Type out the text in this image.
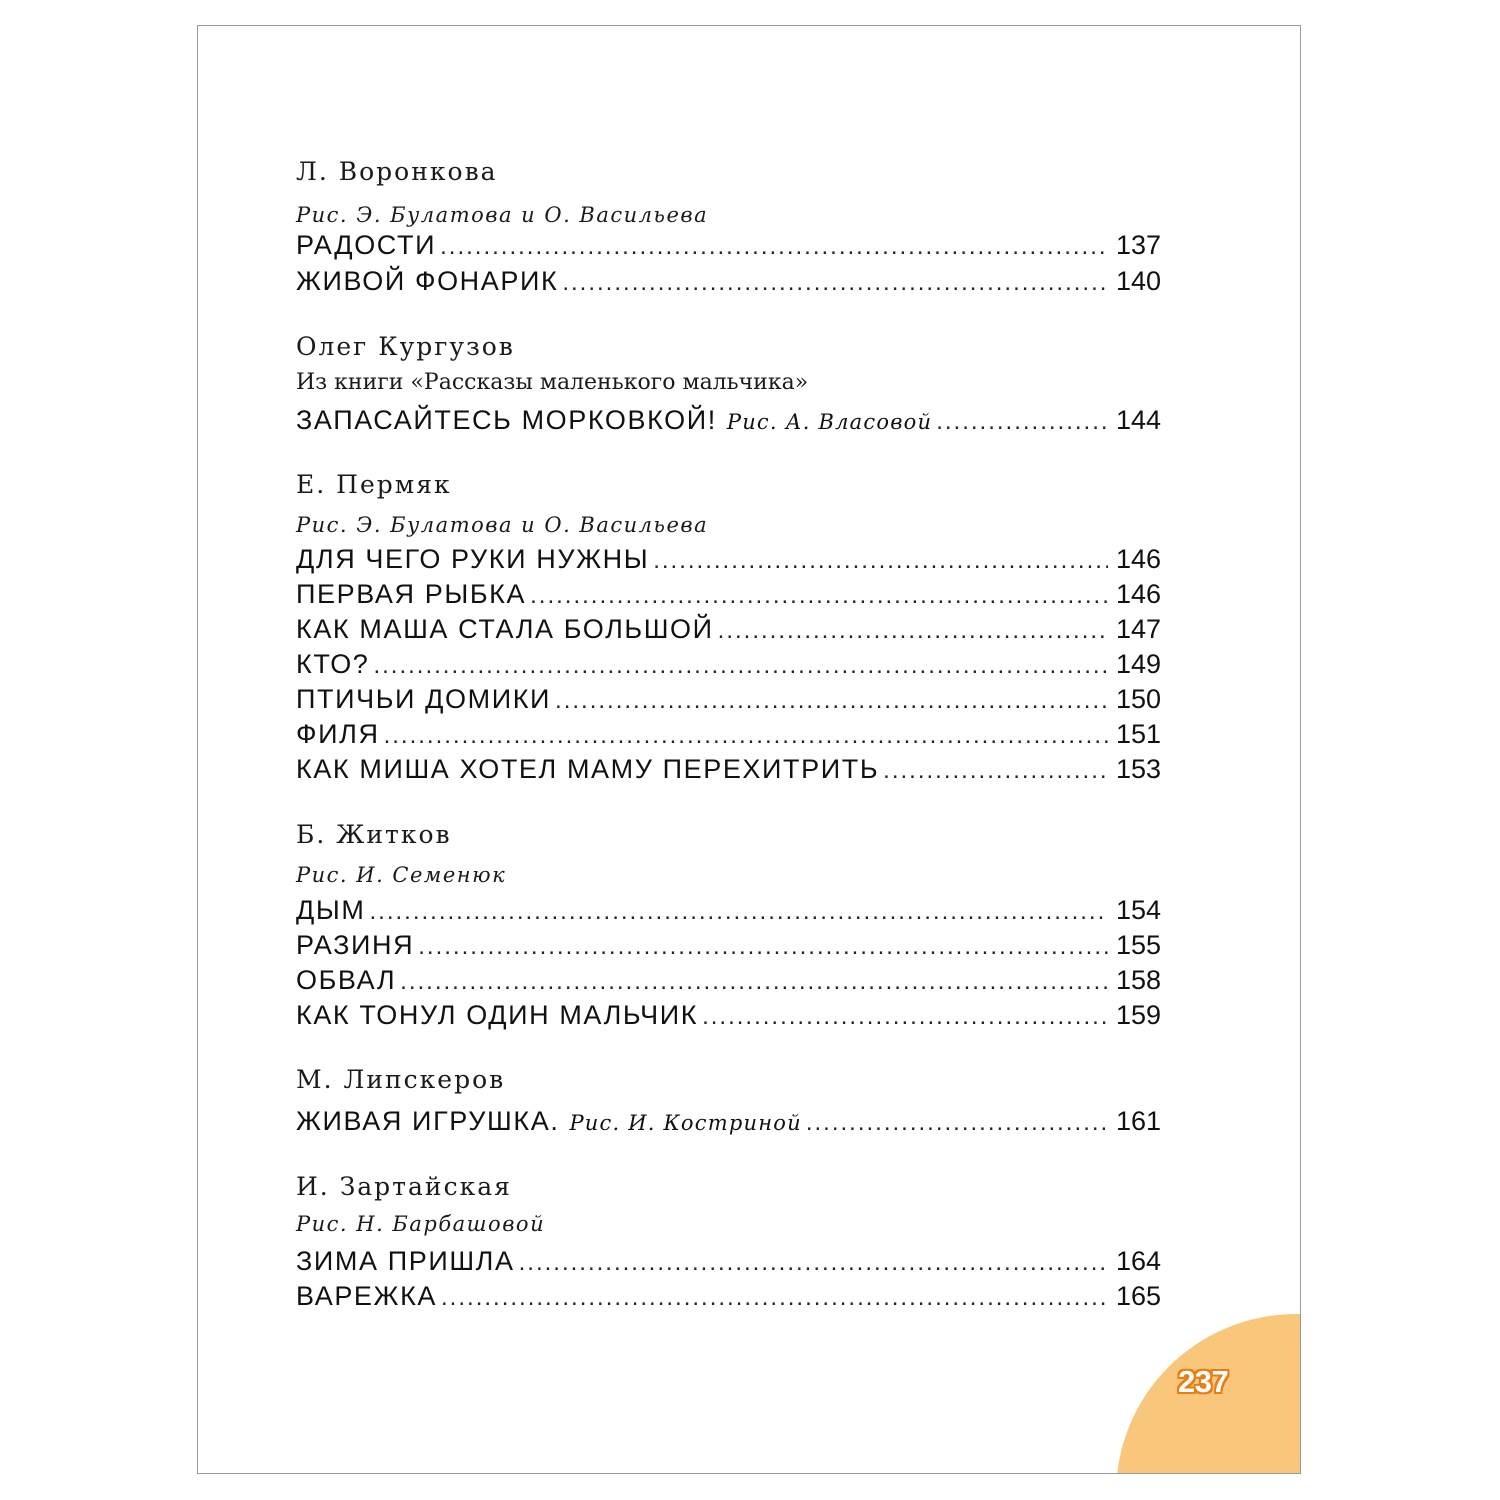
Л. Воронкова
Рис. Э. Булатова и О. Васильева
РАДОСТИ .....	137
ЖИВОЙ ФОНАРИК .....	140
Олег Кургузов
Из книги «Рассказы маленького мальчика»
ЗАПАСАЙТЕСЬ МОРКОВКОЙ! Рис. А. Власовой .....	144
Е. Пермяк
Рис. Э. Булатова и О. Васильева
ДЛЯ ЧЕГО РУКИ НУЖНЫ .....	146
ПЕРВАЯ РЫБКА .....	146
КАК МАША СТАЛА БОЛЬШОЙ .....	147
КТО? .....	149
ПТИЧЬИ ДОМИКИ .....	150
ФИЛЯ .....	151
КАК МИША ХОТЕЛ МАМУ ПЕРЕХИТРИТЬ .....	153
Б. Житков
Рис. И. Семенюк
ДЫМ .....	154
РАЗИНЯ .....	155
ОБВАЛ .....	158
КАК ТОНУЛ ОДИН МАЛЬЧИК .....	159
М. Липскеров
ЖИВАЯ ИГРУШКА. Рис. И. Костриной .....	161
И. Зартайская
Рис. Н. Барбашовой
ЗИМА ПРИШЛА .....	164
ВАРЕЖКА .....	165
237
